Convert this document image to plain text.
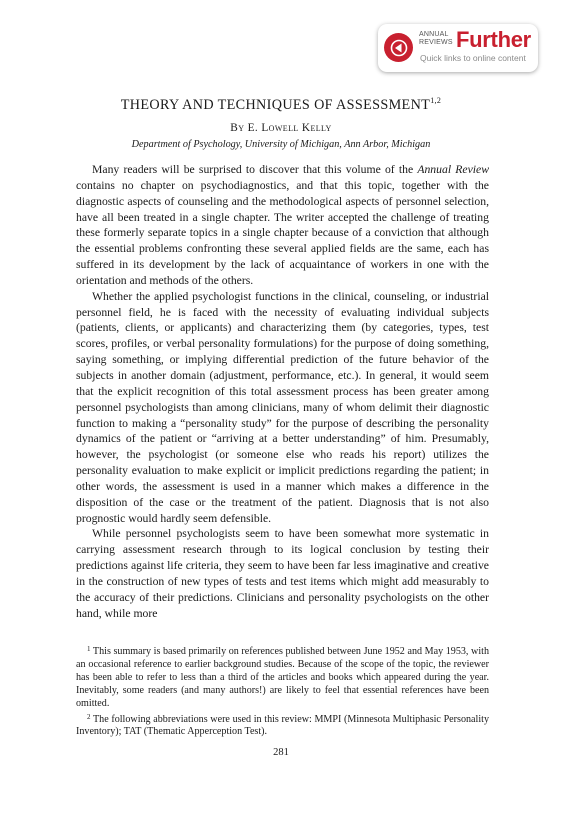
ANNUAL
REVIEWS Further
Quick links to online content
THEORY AND TECHNIQUES OF ASSESSMENT$^{1,2}$
By E. Lowell Kelly
Department of Psychology, University of Michigan, Ann Arbor, Michigan

Many readers will be surprised to discover that this volume of the Annual Review contains no chapter on psychodiagnostics, and that this topic, together with the diagnostic aspects of counseling and the methodological aspects of personnel selection, have all been treated in a single chapter. The writer accepted the challenge of treating these formerly separate topics in a single chapter because of a conviction that although the essential problems confronting these several applied fields are the same, each has suffered in its development by the lack of acquaintance of workers in one with the orientation and methods of the others.

Whether the applied psychologist functions in the clinical, counseling, or industrial personnel field, he is faced with the necessity of evaluating individual subjects (patients, clients, or applicants) and characterizing them (by categories, types, test scores, profiles, or verbal personality formulations) for the purpose of doing something, saying something, or implying differential prediction of the future behavior of the subjects in another domain (adjustment, performance, etc.). In general, it would seem that the explicit recognition of this total assessment process has been greater among personnel psychologists than among clinicians, many of whom delimit their diagnostic function to making a “personality study” for the purpose of describing the personality dynamics of the patient or “arriving at a better understanding” of him. Presumably, however, the psychologist (or someone else who reads his report) utilizes the personality evaluation to make explicit or implicit predictions regarding the patient; in other words, the assessment is used in a manner which makes a difference in the disposition of the case or the treatment of the patient. Diagnosis that is not also prognostic would hardly seem defensible.

While personnel psychologists seem to have been somewhat more systematic in carrying assessment research through to its logical conclusion by testing their predictions against life criteria, they seem to have been far less imaginative and creative in the construction of new types of tests and test items which might add measurably to the accuracy of their predictions. Clinicians and personality psychologists on the other hand, while more

$^1$ This summary is based primarily on references published between June 1952 and May 1953, with an occasional reference to earlier background studies. Because of the scope of the topic, the reviewer has been able to refer to less than a third of the articles and books which appeared during the year. Inevitably, some readers (and many authors!) are likely to feel that essential references have been omitted.

$^2$ The following abbreviations were used in this review: MMPI (Minnesota Multiphasic Personality Inventory); TAT (Thematic Apperception Test).

281
